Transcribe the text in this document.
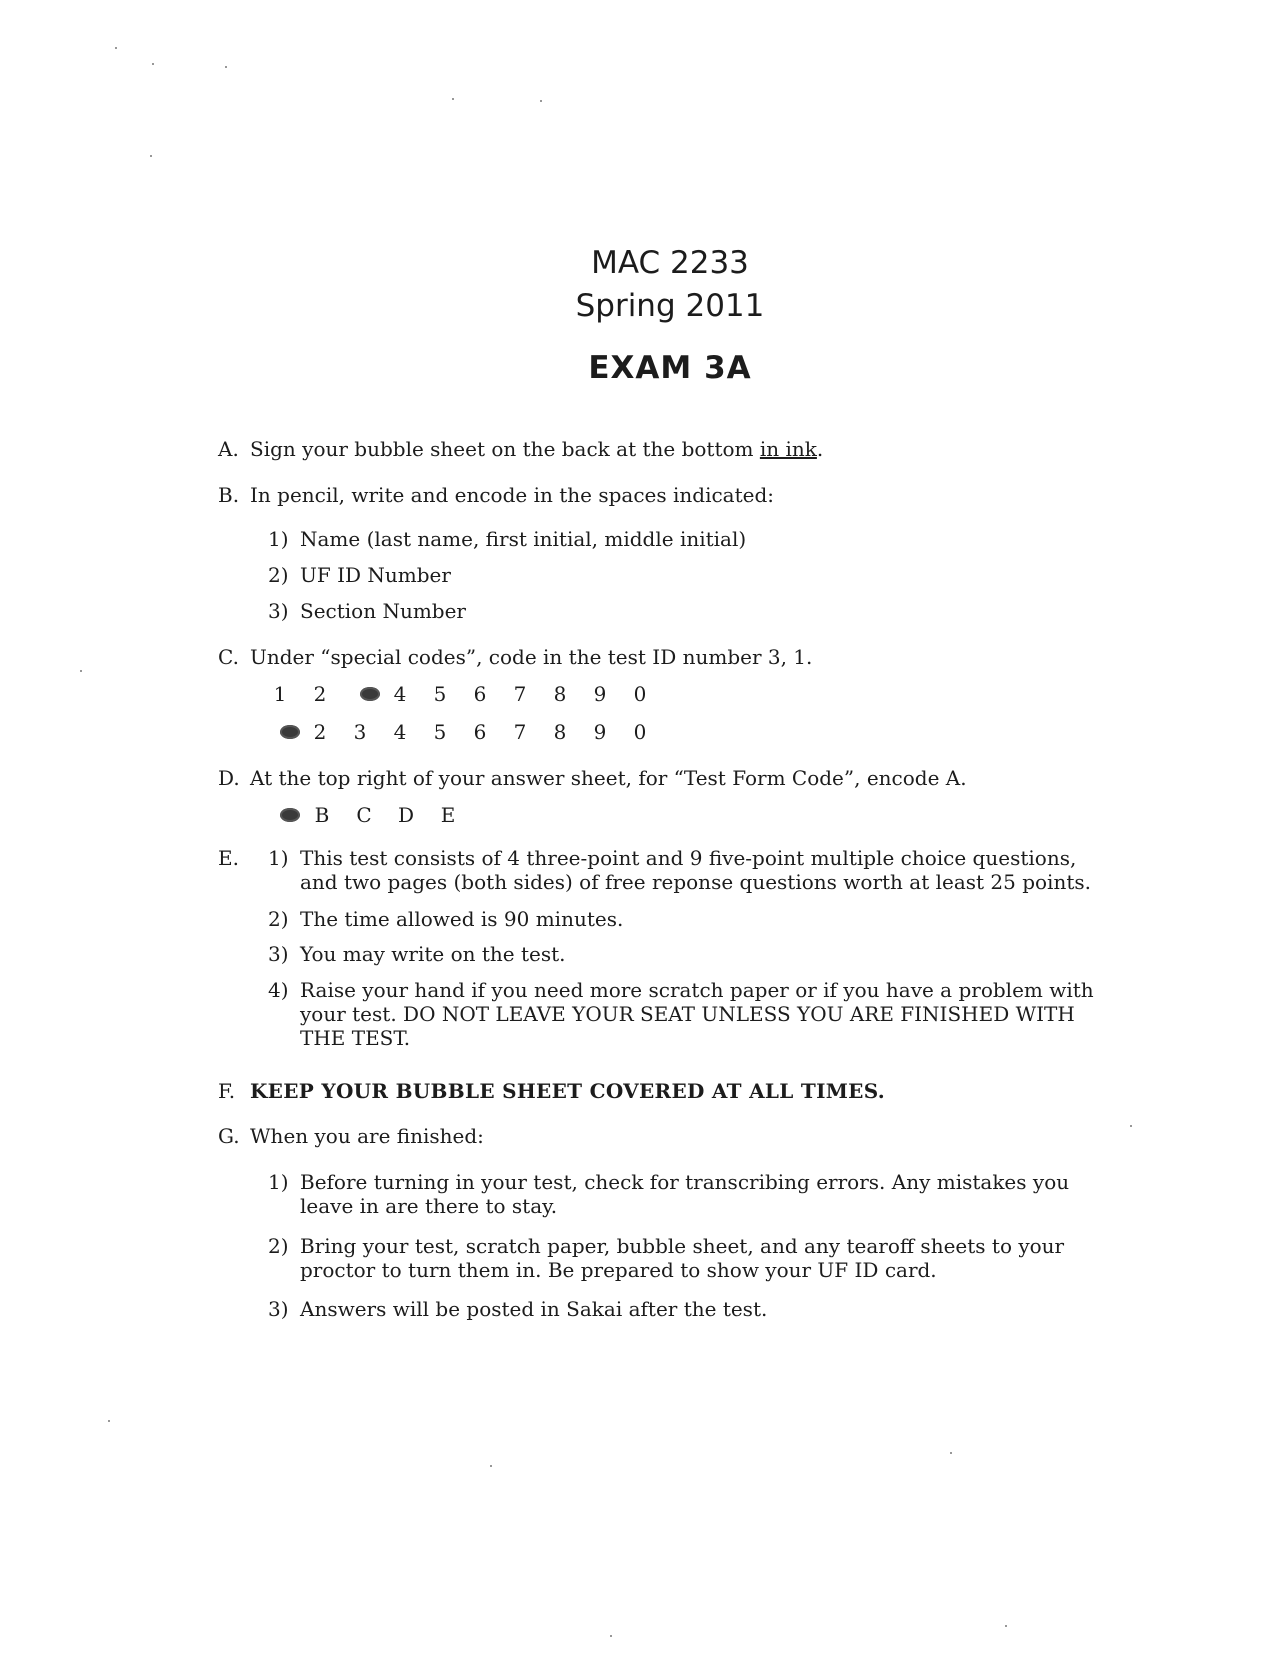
MAC 2233
Spring 2011
EXAM 3A
A. Sign your bubble sheet on the back at the bottom in ink.
B. In pencil, write and encode in the spaces indicated:
1) Name (last name, first initial, middle initial)
2) UF ID Number
3) Section Number
C. Under “special codes”, code in the test ID number 3, 1.
1 2	4 5 6 7 8 9 0
2 3 4 5 6 7 8 9 0
D. At the top right of your answer sheet, for “Test Form Code”, encode A.
B C D E
E. 1) This test consists of 4 three-point and 9 five-point multiple choice questions, and two pages (both sides) of free reponse questions worth at least 25 points.
2) The time allowed is 90 minutes.
3) You may write on the test.
4) Raise your hand if you need more scratch paper or if you have a problem with your test. DO NOT LEAVE YOUR SEAT UNLESS YOU ARE FINISHED WITH THE TEST.
F. KEEP YOUR BUBBLE SHEET COVERED AT ALL TIMES.
G. When you are finished:
1) Before turning in your test, check for transcribing errors. Any mistakes you leave in are there to stay.
2) Bring your test, scratch paper, bubble sheet, and any tearoff sheets to your proctor to turn them in. Be prepared to show your UF ID card.
3) Answers will be posted in Sakai after the test.
